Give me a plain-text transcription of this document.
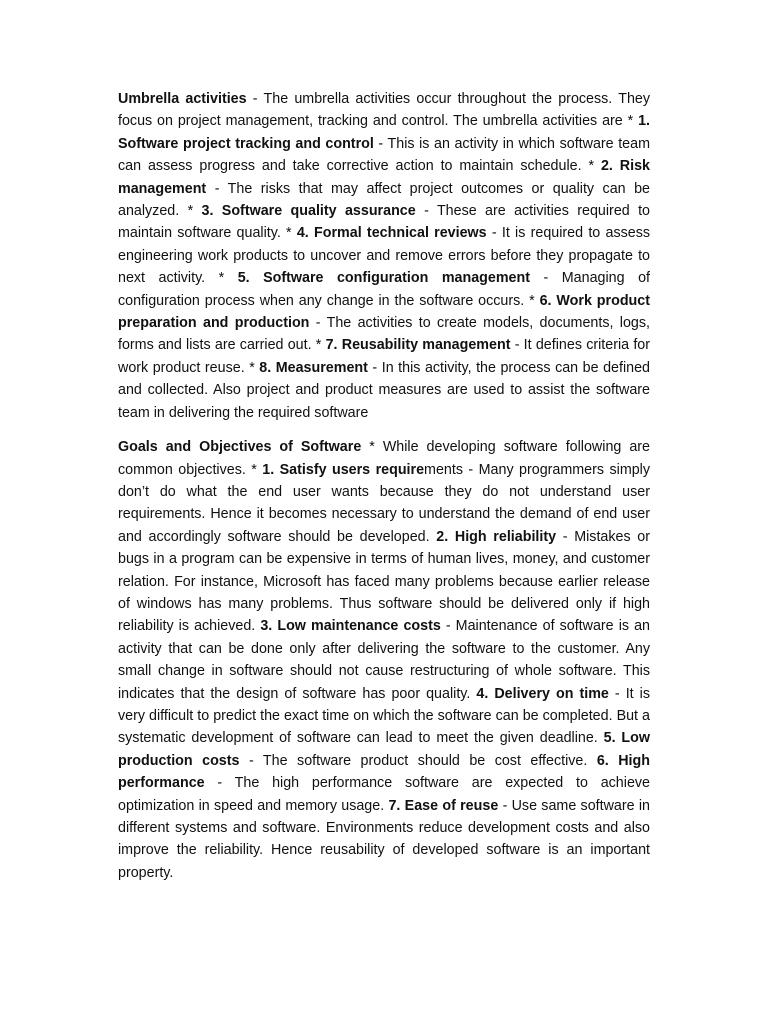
Umbrella activities - The umbrella activities occur throughout the process. They focus on project management, tracking and control. The umbrella activities are * 1. Software project tracking and control - This is an activity in which software team can assess progress and take corrective action to maintain schedule. * 2. Risk management - The risks that may affect project outcomes or quality can be analyzed. * 3. Software quality assurance - These are activities required to maintain software quality. * 4. Formal technical reviews - It is required to assess engineering work products to uncover and remove errors before they propagate to next activity. * 5. Software configuration management - Managing of configuration process when any change in the software occurs. * 6. Work product preparation and production - The activities to create models, documents, logs, forms and lists are carried out. * 7. Reusability management - It defines criteria for work product reuse. * 8. Measurement - In this activity, the process can be defined and collected. Also project and product measures are used to assist the software team in delivering the required software

Goals and Objectives of Software * While developing software following are common objectives. * 1. Satisfy users requirements - Many programmers simply don’t do what the end user wants because they do not understand user requirements. Hence it becomes necessary to understand the demand of end user and accordingly software should be developed. 2. High reliability - Mistakes or bugs in a program can be expensive in terms of human lives, money, and customer relation. For instance, Microsoft has faced many problems because earlier release of windows has many problems. Thus software should be delivered only if high reliability is achieved. 3. Low maintenance costs - Maintenance of software is an activity that can be done only after delivering the software to the customer. Any small change in software should not cause restructuring of whole software. This indicates that the design of software has poor quality. 4. Delivery on time - It is very difficult to predict the exact time on which the software can be completed. But a systematic development of software can lead to meet the given deadline. 5. Low production costs - The software product should be cost effective. 6. High performance - The high performance software are expected to achieve optimization in speed and memory usage. 7. Ease of reuse - Use same software in different systems and software. Environments reduce development costs and also improve the reliability. Hence reusability of developed software is an important property.
